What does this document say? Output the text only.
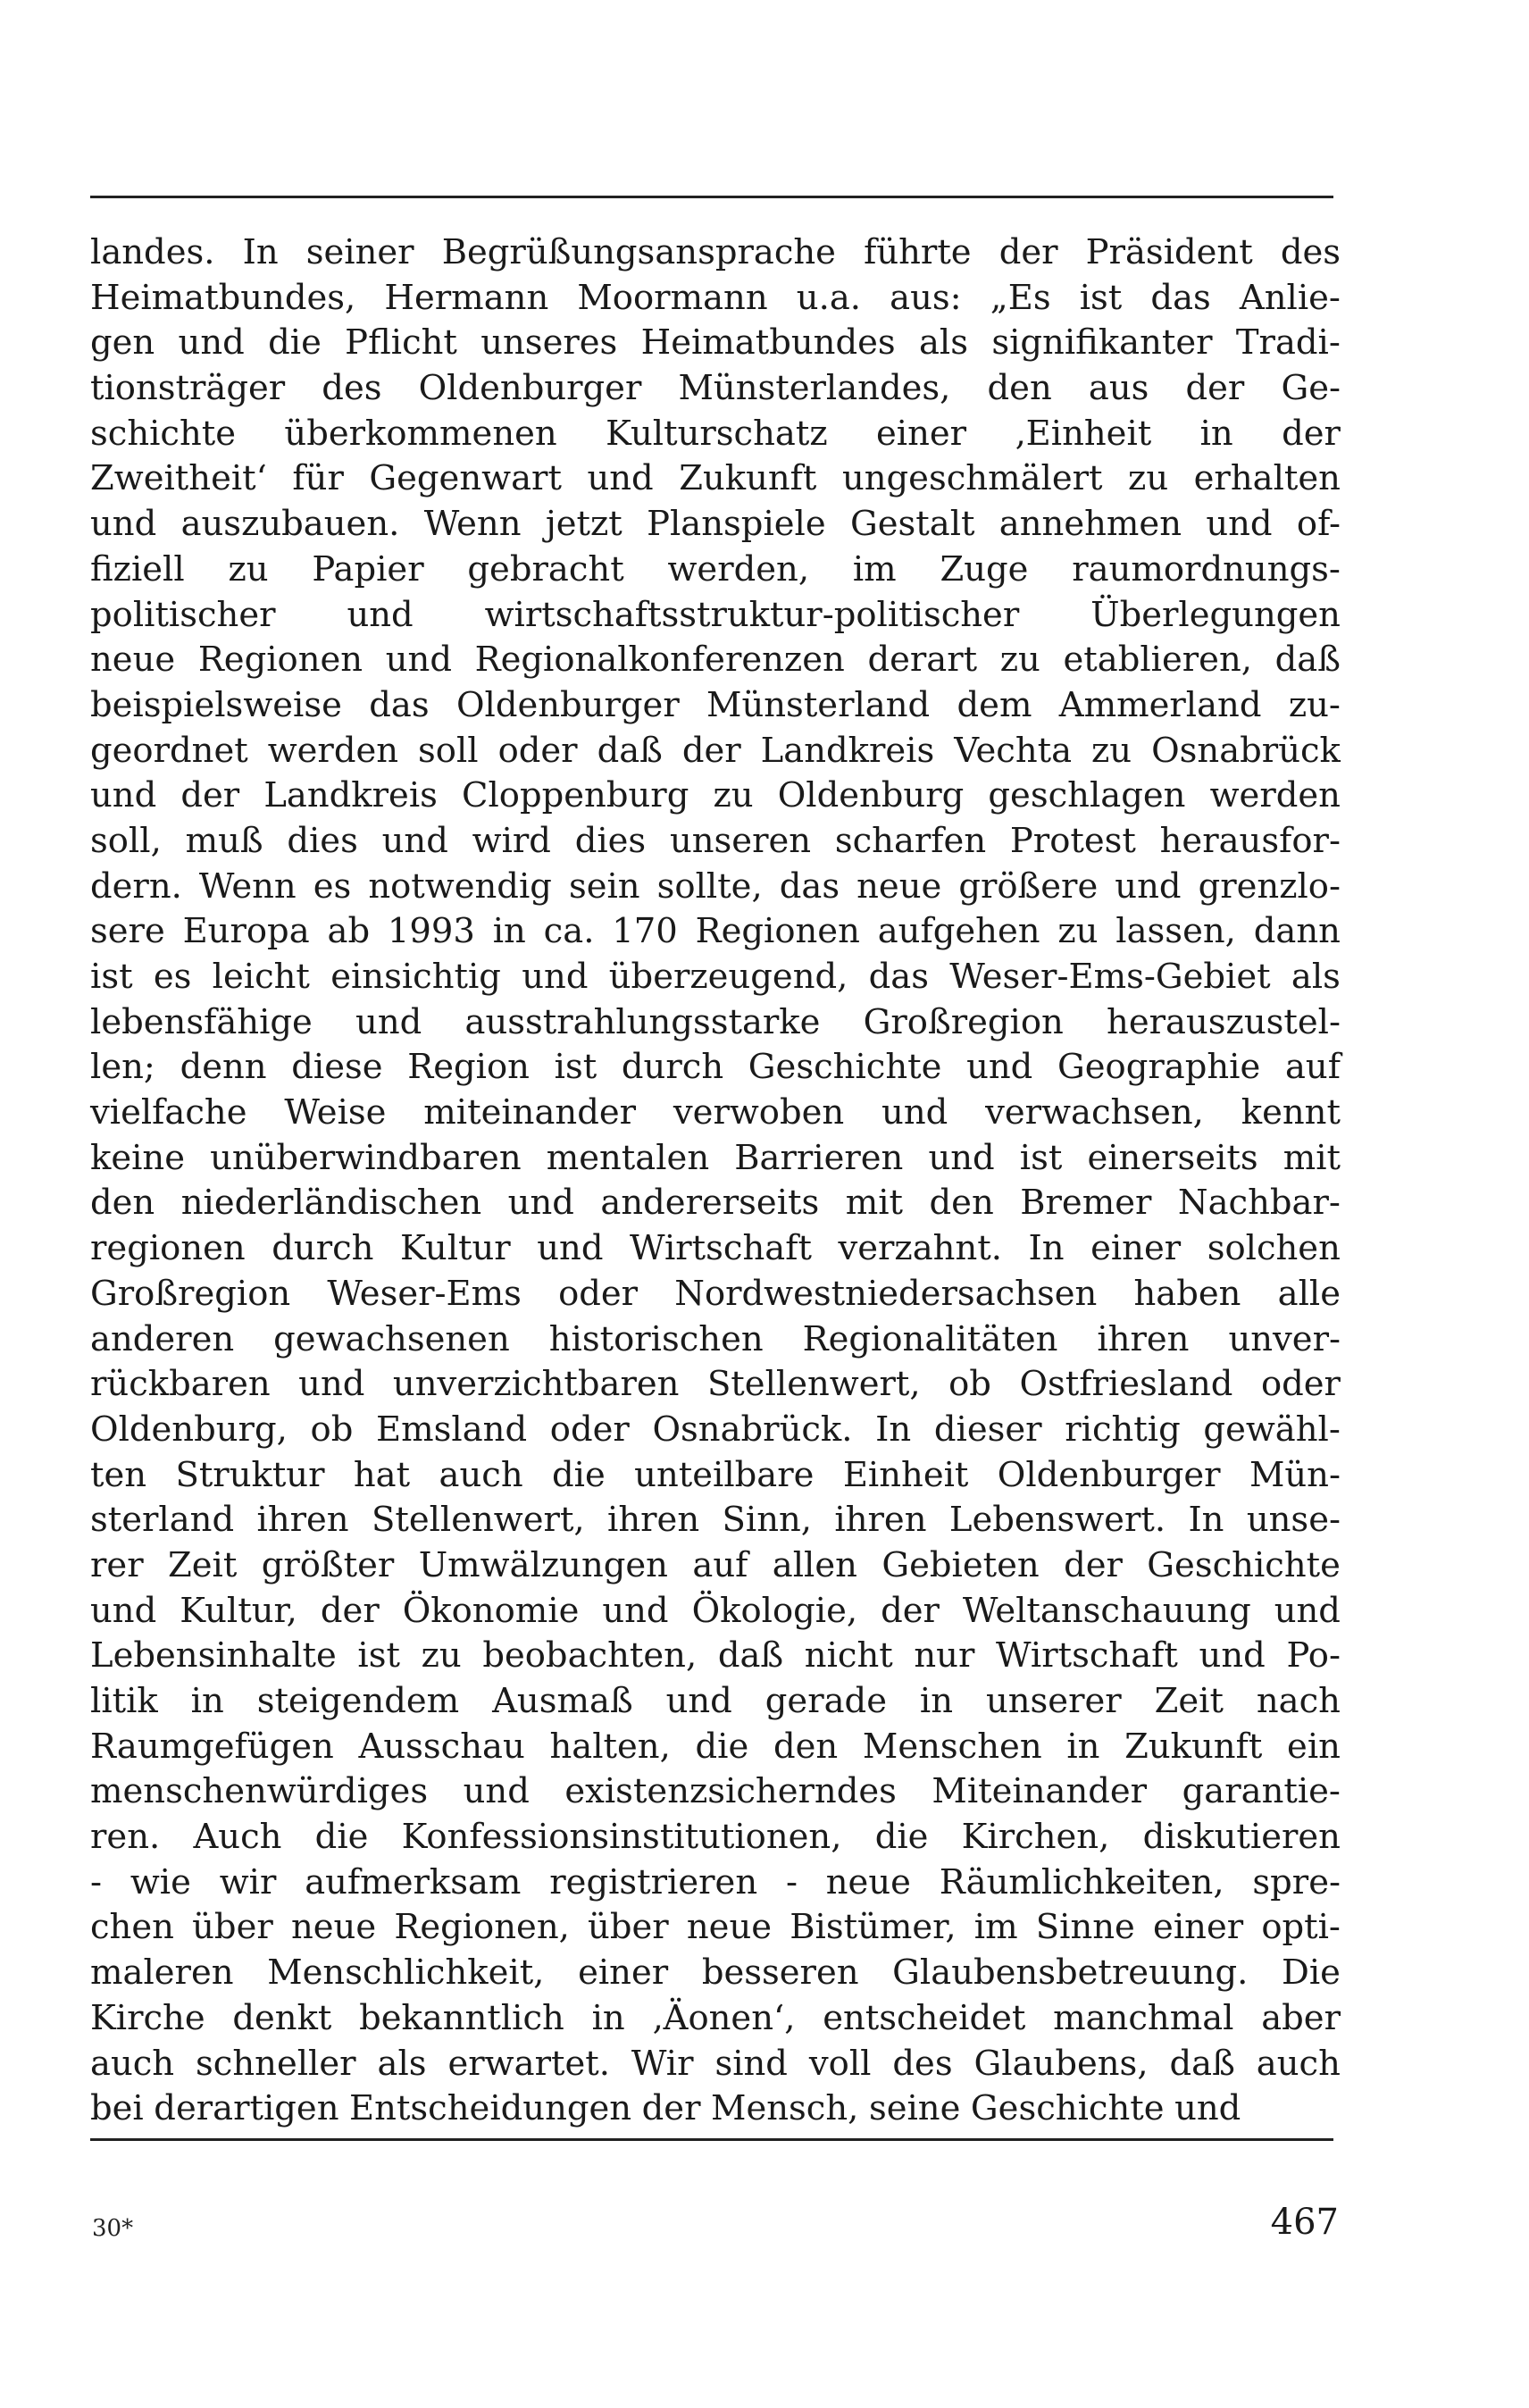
landes. In seiner Begrüßungsansprache führte der Präsident des
Heimatbundes, Hermann Moormann u.a. aus: „Es ist das Anlie-
gen und die Pflicht unseres Heimatbundes als signifikanter Tradi-
tionsträger des Oldenburger Münsterlandes, den aus der Ge-
schichte überkommenen Kulturschatz einer ‚Einheit in der
Zweitheit‘ für Gegenwart und Zukunft ungeschmälert zu erhalten
und auszubauen. Wenn jetzt Planspiele Gestalt annehmen und of-
fiziell zu Papier gebracht werden, im Zuge raumordnungs-
politischer und wirtschaftsstruktur-politischer Überlegungen
neue Regionen und Regionalkonferenzen derart zu etablieren, daß
beispielsweise das Oldenburger Münsterland dem Ammerland zu-
geordnet werden soll oder daß der Landkreis Vechta zu Osnabrück
und der Landkreis Cloppenburg zu Oldenburg geschlagen werden
soll, muß dies und wird dies unseren scharfen Protest herausfor-
dern. Wenn es notwendig sein sollte, das neue größere und grenzlo-
sere Europa ab 1993 in ca. 170 Regionen aufgehen zu lassen, dann
ist es leicht einsichtig und überzeugend, das Weser-Ems-Gebiet als
lebensfähige und ausstrahlungsstarke Großregion herauszustel-
len; denn diese Region ist durch Geschichte und Geographie auf
vielfache Weise miteinander verwoben und verwachsen, kennt
keine unüberwindbaren mentalen Barrieren und ist einerseits mit
den niederländischen und andererseits mit den Bremer Nachbar-
regionen durch Kultur und Wirtschaft verzahnt. In einer solchen
Großregion Weser-Ems oder Nordwestniedersachsen haben alle
anderen gewachsenen historischen Regionalitäten ihren unver-
rückbaren und unverzichtbaren Stellenwert, ob Ostfriesland oder
Oldenburg, ob Emsland oder Osnabrück. In dieser richtig gewähl-
ten Struktur hat auch die unteilbare Einheit Oldenburger Mün-
sterland ihren Stellenwert, ihren Sinn, ihren Lebenswert. In unse-
rer Zeit größter Umwälzungen auf allen Gebieten der Geschichte
und Kultur, der Ökonomie und Ökologie, der Weltanschauung und
Lebensinhalte ist zu beobachten, daß nicht nur Wirtschaft und Po-
litik in steigendem Ausmaß und gerade in unserer Zeit nach
Raumgefügen Ausschau halten, die den Menschen in Zukunft ein
menschenwürdiges und existenzsicherndes Miteinander garantie-
ren. Auch die Konfessionsinstitutionen, die Kirchen, diskutieren
- wie wir aufmerksam registrieren - neue Räumlichkeiten, spre-
chen über neue Regionen, über neue Bistümer, im Sinne einer opti-
maleren Menschlichkeit, einer besseren Glaubensbetreuung. Die
Kirche denkt bekanntlich in ‚Äonen‘, entscheidet manchmal aber
auch schneller als erwartet. Wir sind voll des Glaubens, daß auch
bei derartigen Entscheidungen der Mensch, seine Geschichte und
30*	467
